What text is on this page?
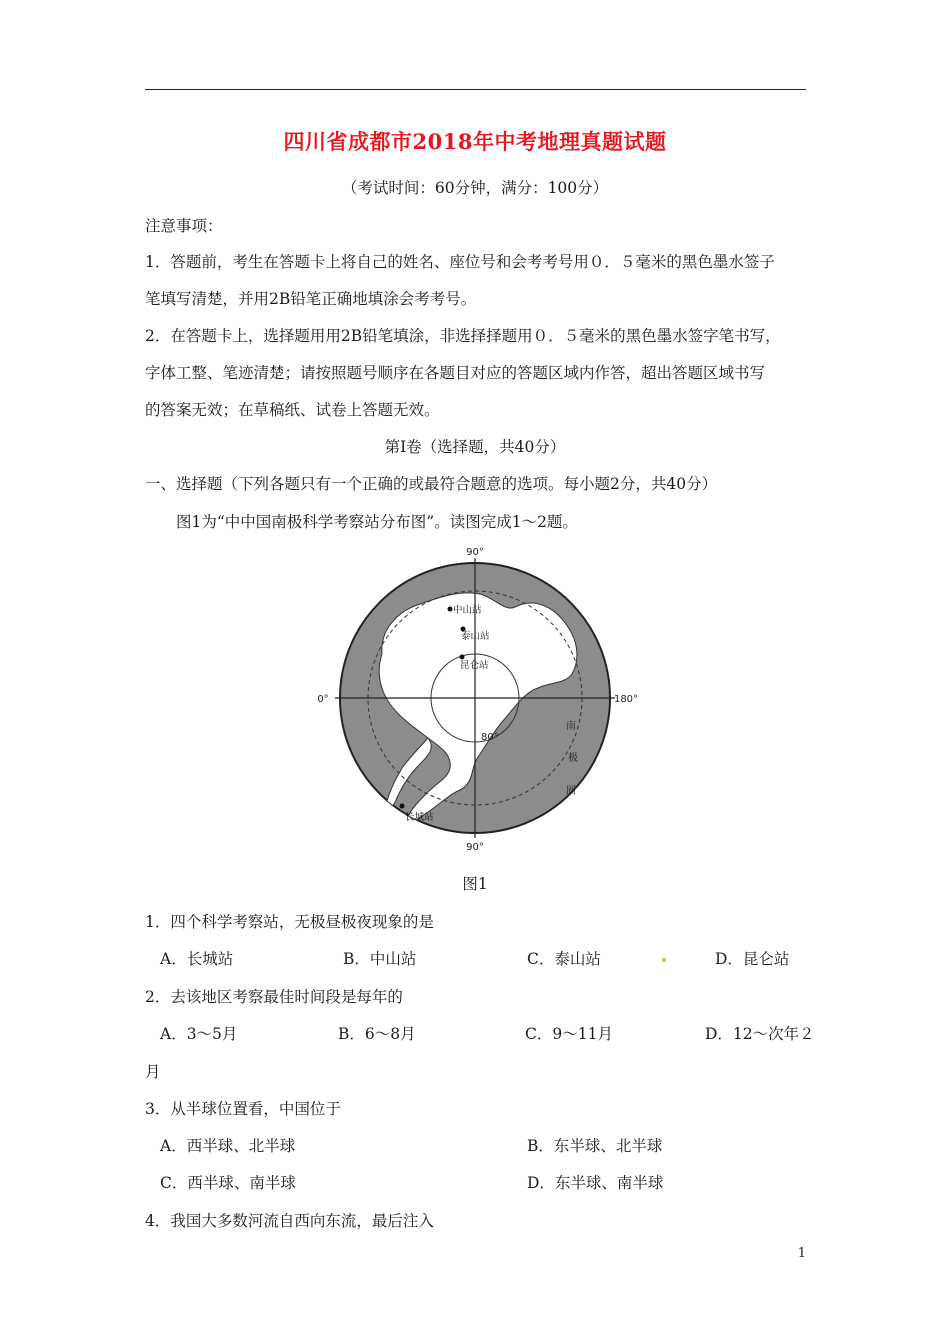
四川省成都市2018年中考地理真题试题
（考试时间：60分钟，满分：100分）
注意事项：
1．答题前，考生在答题卡上将自己的姓名、座位号和会考考号用０．５毫米的黑色墨水签子
笔填写清楚，并用2B铅笔正确地填涂会考考号。
2．在答题卡上，选择题用用2B铅笔填涂，非选择择题用０．５毫米的黑色墨水签字笔书写，
字体工整、笔迹清楚；请按照题号顺序在各题目对应的答题区域内作答，超出答题区域书写
的答案无效；在草稿纸、试卷上答题无效。
第Ⅰ卷（选择题，共40分）
一、选择题（下列各题只有一个正确的或最符合题意的选项。每小题2分，共40分）
图1为“中中国南极科学考察站分布图”。读图完成1～2题。
90°
90°
0°	180°
80°
南
极
圈
中山站
泰山站
昆仑站
长城站
图1
1．四个科学考察站，无极昼极夜现象的是
A．长城站	B．中山站	C．泰山站	D．昆仑站
2．去该地区考察最佳时间段是每年的
A．3～5月	B．6～8月	C．9～11月	D．12～次年２
月
3．从半球位置看，中国位于
A．西半球、北半球	B．东半球、北半球
C．西半球、南半球	D．东半球、南半球
4．我国大多数河流自西向东流，最后注入
1
